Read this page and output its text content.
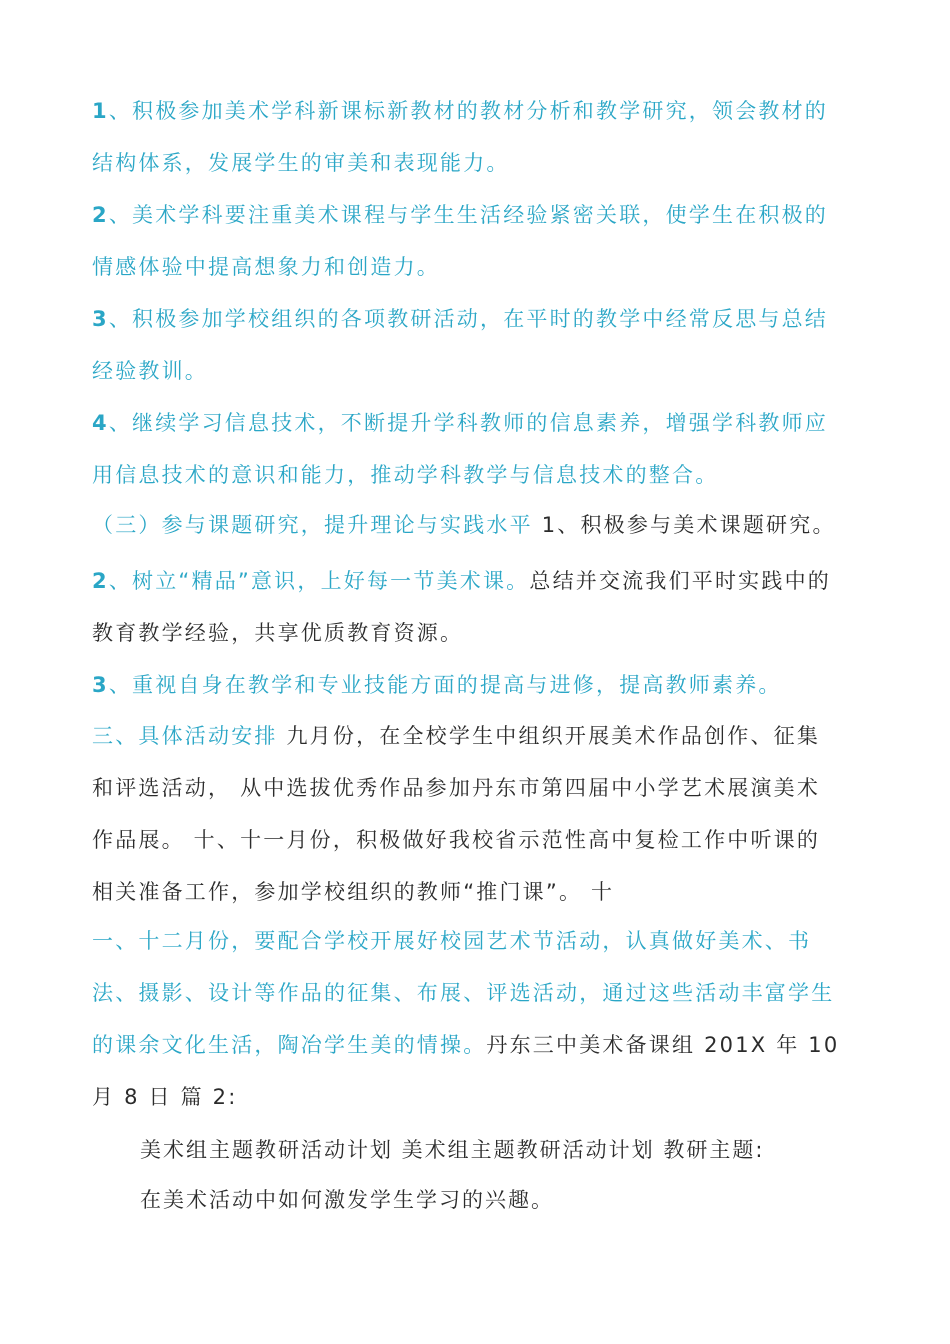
1、积极参加美术学科新课标新教材的教材分析和教学研究，领会教材的
结构体系，发展学生的审美和表现能力。
2、美术学科要注重美术课程与学生生活经验紧密关联，使学生在积极的
情感体验中提高想象力和创造力。
3、积极参加学校组织的各项教研活动，在平时的教学中经常反思与总结
经验教训。
4、继续学习信息技术，不断提升学科教师的信息素养，增强学科教师应
用信息技术的意识和能力，推动学科教学与信息技术的整合。
（三）参与课题研究，提升理论与实践水平 1、积极参与美术课题研究。
2、树立“精品”意识，上好每一节美术课。总结并交流我们平时实践中的
教育教学经验，共享优质教育资源。
3、重视自身在教学和专业技能方面的提高与进修，提高教师素养。
三、具体活动安排 九月份，在全校学生中组织开展美术作品创作、征集
和评选活动， 从中选拔优秀作品参加丹东市第四届中小学艺术展演美术
作品展。 十、十一月份，积极做好我校省示范性高中复检工作中听课的
相关准备工作，参加学校组织的教师“推门课”。 十
一、十二月份，要配合学校开展好校园艺术节活动，认真做好美术、书
法、摄影、设计等作品的征集、布展、评选活动，通过这些活动丰富学生
的课余文化生活，陶冶学生美的情操。丹东三中美术备课组 201X 年 10
月 8 日 篇 2:
美术组主题教研活动计划 美术组主题教研活动计划 教研主题:
在美术活动中如何激发学生学习的兴趣。
